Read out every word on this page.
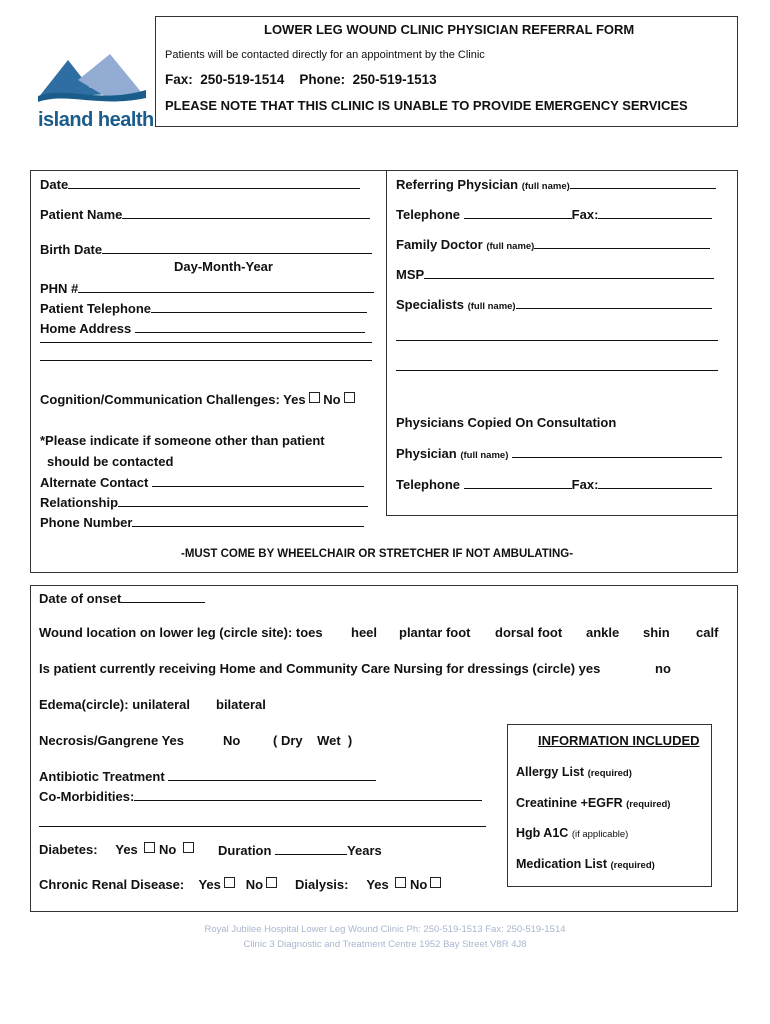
island health
LOWER LEG WOUND CLINIC PHYSICIAN REFERRAL FORM
Patients will be contacted directly for an appointment by the Clinic
Fax:  250-519-1514    Phone:  250-519-1513
PLEASE NOTE THAT THIS CLINIC IS UNABLE TO PROVIDE EMERGENCY SERVICES
Date
Patient Name
Birth Date
Day-Month-Year
PHN #
Patient Telephone
Home Address
Cognition/Communication Challenges: Yes No
*Please indicate if someone other than patient
should be contacted
Alternate Contact
Relationship
Phone Number
Referring Physician (full name)
Telephone	Fax:
Family Doctor (full name)
MSP
Specialists (full name)
Physicians Copied On Consultation
Physician (full name)
Telephone	Fax:
-MUST COME BY WHEELCHAIR OR STRETCHER IF NOT AMBULATING-
Date of onset
Wound location on lower leg (circle site): toes heel plantar foot dorsal foot ankle shin calf
Is patient currently receiving Home and Community Care Nursing for dressings (circle) yes	no
Edema(circle): unilateral bilateral
Necrosis/Gangrene Yes	No	( Dry    Wet  )
Antibiotic Treatment
Co-Morbidities:
Diabetes: Yes No	Duration	Years
Chronic Renal Disease: Yes No	Dialysis: Yes No
INFORMATION INCLUDED
Allergy List (required)
Creatinine +EGFR (required)
Hgb A1C (if applicable)
Medication List (required)
Royal Jubilee Hospital Lower Leg Wound Clinic Ph: 250-519-1513 Fax: 250-519-1514
Clinic 3 Diagnostic and Treatment Centre 1952 Bay Street V8R 4J8
